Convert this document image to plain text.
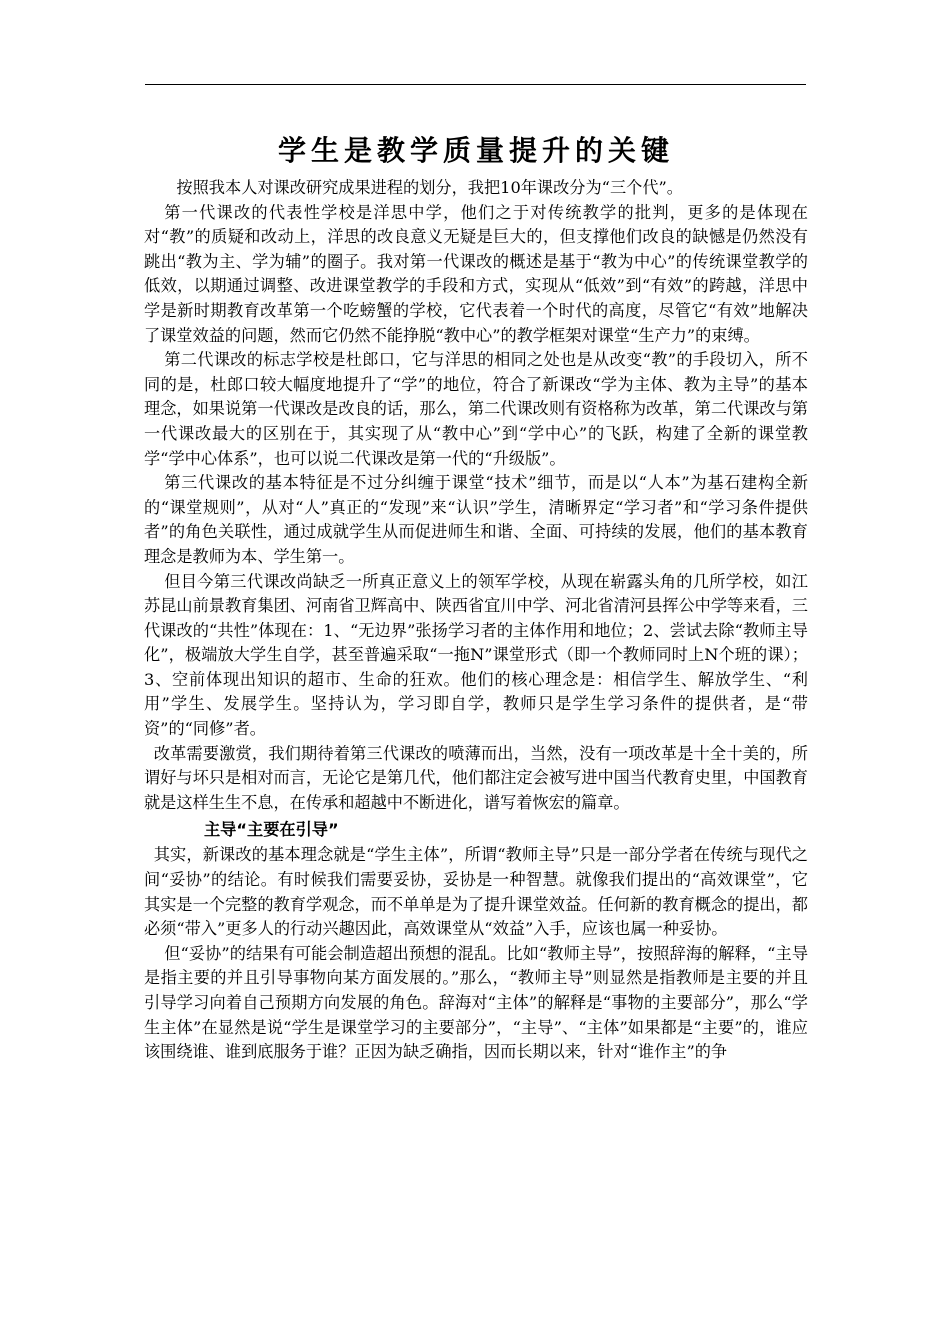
学生是教学质量提升的关键

按照我本人对课改研究成果进程的划分，我把10年课改分为“三个代”。

第一代课改的代表性学校是洋思中学，他们之于对传统教学的批判，更多的是体现在对“教”的质疑和改动上，洋思的改良意义无疑是巨大的，但支撑他们改良的缺憾是仍然没有跳出“教为主、学为辅”的圈子。我对第一代课改的概述是基于“教为中心”的传统课堂教学的低效，以期通过调整、改进课堂教学的手段和方式，实现从“低效”到“有效”的跨越，洋思中学是新时期教育改革第一个吃螃蟹的学校，它代表着一个时代的高度，尽管它“有效”地解决了课堂效益的问题，然而它仍然不能挣脱“教中心”的教学框架对课堂“生产力”的束缚。

第二代课改的标志学校是杜郎口，它与洋思的相同之处也是从改变“教”的手段切入，所不同的是，杜郎口较大幅度地提升了“学”的地位，符合了新课改“学为主体、教为主导”的基本理念，如果说第一代课改是改良的话，那么，第二代课改则有资格称为改革，第二代课改与第一代课改最大的区别在于，其实现了从“教中心”到“学中心”的飞跃，构建了全新的课堂教学“学中心体系”，也可以说二代课改是第一代的“升级版”。

第三代课改的基本特征是不过分纠缠于课堂“技术”细节，而是以“人本”为基石建构全新的“课堂规则”，从对“人”真正的“发现”来“认识”学生，清晰界定“学习者”和“学习条件提供者”的角色关联性，通过成就学生从而促进师生和谐、全面、可持续的发展，他们的基本教育理念是教师为本、学生第一。

但目今第三代课改尚缺乏一所真正意义上的领军学校，从现在崭露头角的几所学校，如江苏昆山前景教育集团、河南省卫辉高中、陕西省宜川中学、河北省清河县挥公中学等来看，三代课改的“共性”体现在：1、“无边界”张扬学习者的主体作用和地位；2、尝试去除“教师主导化”，极端放大学生自学，甚至普遍采取“一拖N”课堂形式（即一个教师同时上N个班的课）；3、空前体现出知识的超市、生命的狂欢。他们的核心理念是：相信学生、解放学生、“利用”学生、发展学生。坚持认为，学习即自学，教师只是学生学习条件的提供者，是“带资”的“同修”者。

改革需要激赏，我们期待着第三代课改的喷薄而出，当然，没有一项改革是十全十美的，所谓好与坏只是相对而言，无论它是第几代，他们都注定会被写进中国当代教育史里，中国教育就是这样生生不息，在传承和超越中不断进化，谱写着恢宏的篇章。

主导“主要在引导”

其实，新课改的基本理念就是“学生主体”，所谓“教师主导”只是一部分学者在传统与现代之间“妥协”的结论。有时候我们需要妥协，妥协是一种智慧。就像我们提出的“高效课堂”，它其实是一个完整的教育学观念，而不单单是为了提升课堂效益。任何新的教育概念的提出，都必须“带入”更多人的行动兴趣因此，高效课堂从“效益”入手，应该也属一种妥协。

但“妥协”的结果有可能会制造超出预想的混乱。比如“教师主导”，按照辞海的解释，“主导是指主要的并且引导事物向某方面发展的。”那么，“教师主导”则显然是指教师是主要的并且引导学习向着自己预期方向发展的角色。辞海对“主体”的解释是“事物的主要部分”，那么“学生主体”在显然是说“学生是课堂学习的主要部分”，“主导”、“主体”如果都是“主要”的，谁应该围绕谁、谁到底服务于谁？正因为缺乏确指，因而长期以来，针对“谁作主”的争
